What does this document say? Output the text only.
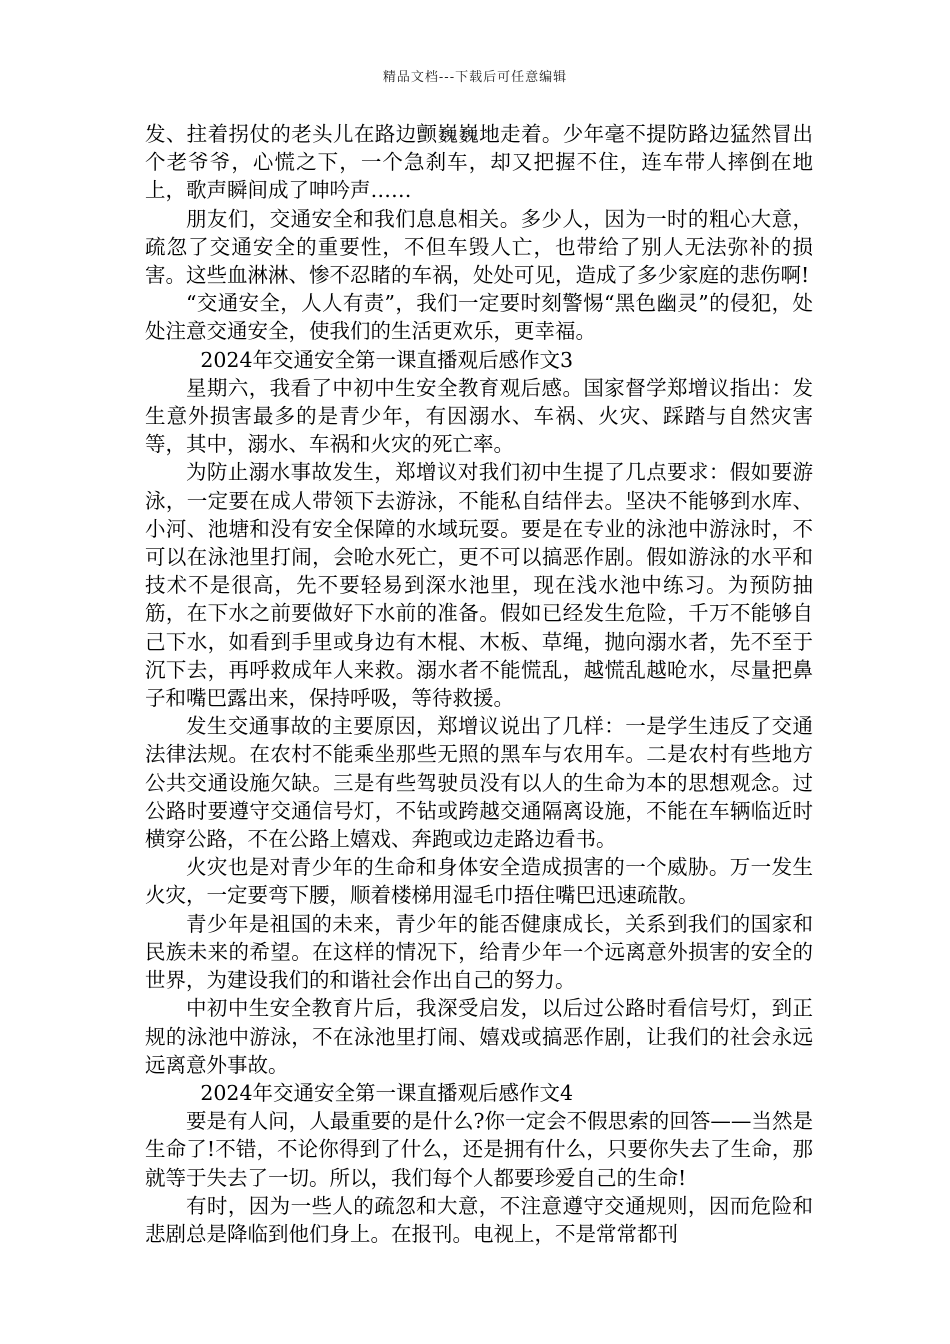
精品文档---下载后可任意编辑

发、拄着拐仗的老头儿在路边颤巍巍地走着。少年毫不提防路边猛然冒出个老爷爷，心慌之下，一个急刹车，却又把握不住，连车带人摔倒在地上，歌声瞬间成了呻吟声……

朋友们，交通安全和我们息息相关。多少人，因为一时的粗心大意，疏忽了交通安全的重要性，不但车毁人亡，也带给了别人无法弥补的损害。这些血淋淋、惨不忍睹的车祸，处处可见，造成了多少家庭的悲伤啊!

“交通安全，人人有责”，我们一定要时刻警惕“黑色幽灵”的侵犯，处处注意交通安全，使我们的生活更欢乐，更幸福。

2024年交通安全第一课直播观后感作文3

星期六，我看了中初中生安全教育观后感。国家督学郑增议指出：发生意外损害最多的是青少年，有因溺水、车祸、火灾、踩踏与自然灾害等，其中，溺水、车祸和火灾的死亡率。

为防止溺水事故发生，郑增议对我们初中生提了几点要求：假如要游泳，一定要在成人带领下去游泳，不能私自结伴去。坚决不能够到水库、小河、池塘和没有安全保障的水域玩耍。要是在专业的泳池中游泳时，不可以在泳池里打闹，会呛水死亡，更不可以搞恶作剧。假如游泳的水平和技术不是很高，先不要轻易到深水池里，现在浅水池中练习。为预防抽筋，在下水之前要做好下水前的准备。假如已经发生危险，千万不能够自己下水，如看到手里或身边有木棍、木板、草绳，抛向溺水者，先不至于沉下去，再呼救成年人来救。溺水者不能慌乱，越慌乱越呛水，尽量把鼻子和嘴巴露出来，保持呼吸，等待救援。

发生交通事故的主要原因，郑增议说出了几样：一是学生违反了交通法律法规。在农村不能乘坐那些无照的黑车与农用车。二是农村有些地方公共交通设施欠缺。三是有些驾驶员没有以人的生命为本的思想观念。过公路时要遵守交通信号灯，不钻或跨越交通隔离设施，不能在车辆临近时横穿公路，不在公路上嬉戏、奔跑或边走路边看书。

火灾也是对青少年的生命和身体安全造成损害的一个威胁。万一发生火灾，一定要弯下腰，顺着楼梯用湿毛巾捂住嘴巴迅速疏散。

青少年是祖国的未来，青少年的能否健康成长，关系到我们的国家和民族未来的希望。在这样的情况下，给青少年一个远离意外损害的安全的世界，为建设我们的和谐社会作出自己的努力。

中初中生安全教育片后，我深受启发，以后过公路时看信号灯，到正规的泳池中游泳，不在泳池里打闹、嬉戏或搞恶作剧，让我们的社会永远远离意外事故。

2024年交通安全第一课直播观后感作文4

要是有人问，人最重要的是什么?你一定会不假思索的回答——当然是生命了!不错，不论你得到了什么，还是拥有什么，只要你失去了生命，那就等于失去了一切。所以，我们每个人都要珍爱自己的生命!

有时，因为一些人的疏忽和大意，不注意遵守交通规则，因而危险和悲剧总是降临到他们身上。在报刊。电视上，不是常常都刊
